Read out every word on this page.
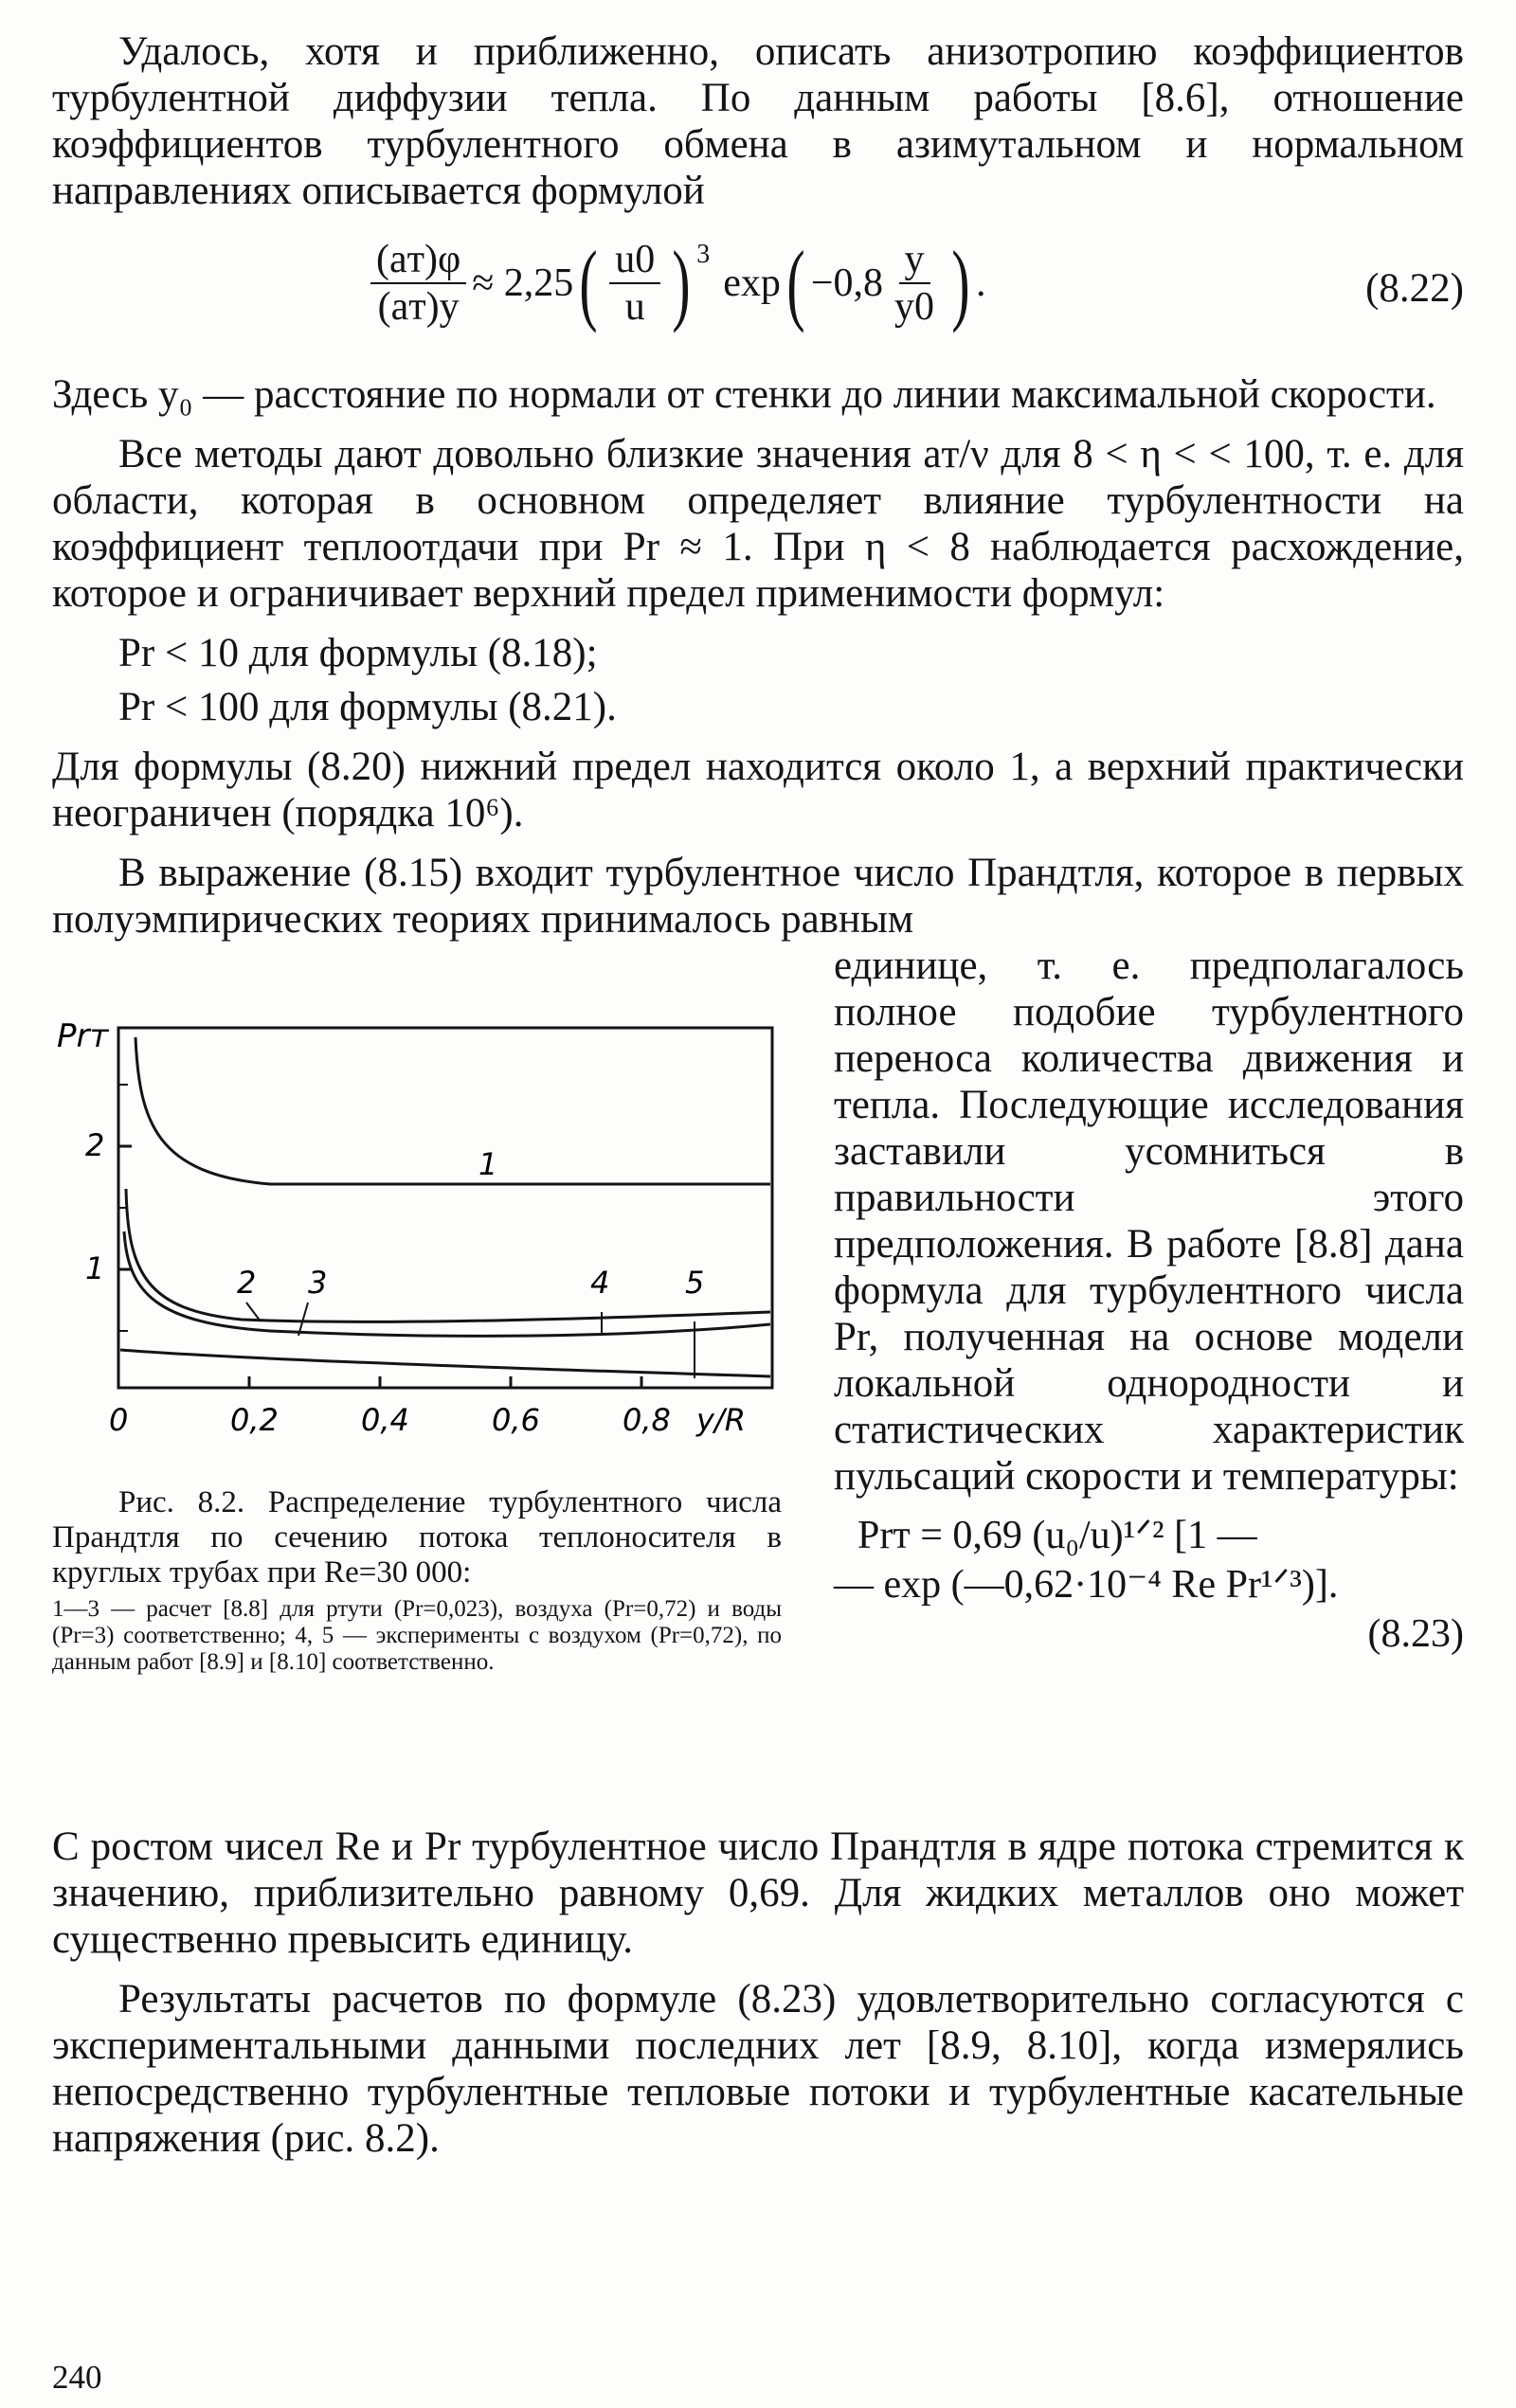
Удалось, хотя и приближенно, описать анизотропию коэффициентов турбулентной диффузии тепла. По данным работы [8.6], отношение коэффициентов турбулентного обмена в азимутальном и нормальном направлениях описывается формулой

$\frac{(aт)\varphi}{(aт)y} \approx 2,25$ ( $\frac{u0}{u} )^3$
exp ( $-0,8 \frac{y}{y0}$ ) .	(8.22)

Здесь y₀ — расстояние по нормали от стенки до линии максимальной скорости.

Все методы дают довольно близкие значения aт/ν для 8 < η < < 100, т. е. для области, которая в основном определяет влияние турбулентности на коэффициент теплоотдачи при Pr ≈ 1. При η < 8 наблюдается расхождение, которое и ограничивает верхний предел применимости формул:

Pr < 10 для формулы (8.18);
Pr < 100 для формулы (8.21).

Для формулы (8.20) нижний предел находится около 1, а верхний практически неограничен (порядка 10⁶).

В выражение (8.15) входит турбулентное число Прандтля, которое в первых полуэмпирических теориях принималось равным

Prт
2
1
0	0,2	0,4	0,6	0,8 y/R
1
2 3	4 5

Рис. 8.2. Распределение турбулентного числа Прандтля по сечению потока теплоносителя в круглых трубах при Re=30 000:

1—3 — расчет [8.8] для ртути (Pr=0,023), воздуха (Pr=0,72) и воды (Pr=3) соответственно; 4, 5 — эксперименты с воздухом (Pr=0,72), по данным работ [8.9] и [8.10] соответственно.

единице, т. е. предполагалось полное подобие турбулентного переноса количества движения и тепла. Последующие исследования заставили усомниться в правильности этого предположения. В работе [8.8] дана формула для турбулентного числа Pr, полученная на основе модели локальной однородности и статистических характеристик пульсаций скорости и температуры:

Prт = 0,69 (u₀/u)¹ᐟ² [1 —
— exp (—0,62·10⁻⁴ Re Pr¹ᐟ³)].
(8.23)

С ростом чисел Re и Pr турбулентное число Прандтля в ядре потока стремится к значению, приблизительно равному 0,69. Для жидких металлов оно может существенно превысить единицу.

Результаты расчетов по формуле (8.23) удовлетворительно согласуются с экспериментальными данными последних лет [8.9, 8.10], когда измерялись непосредственно турбулентные тепловые потоки и турбулентные касательные напряжения (рис. 8.2).

240
